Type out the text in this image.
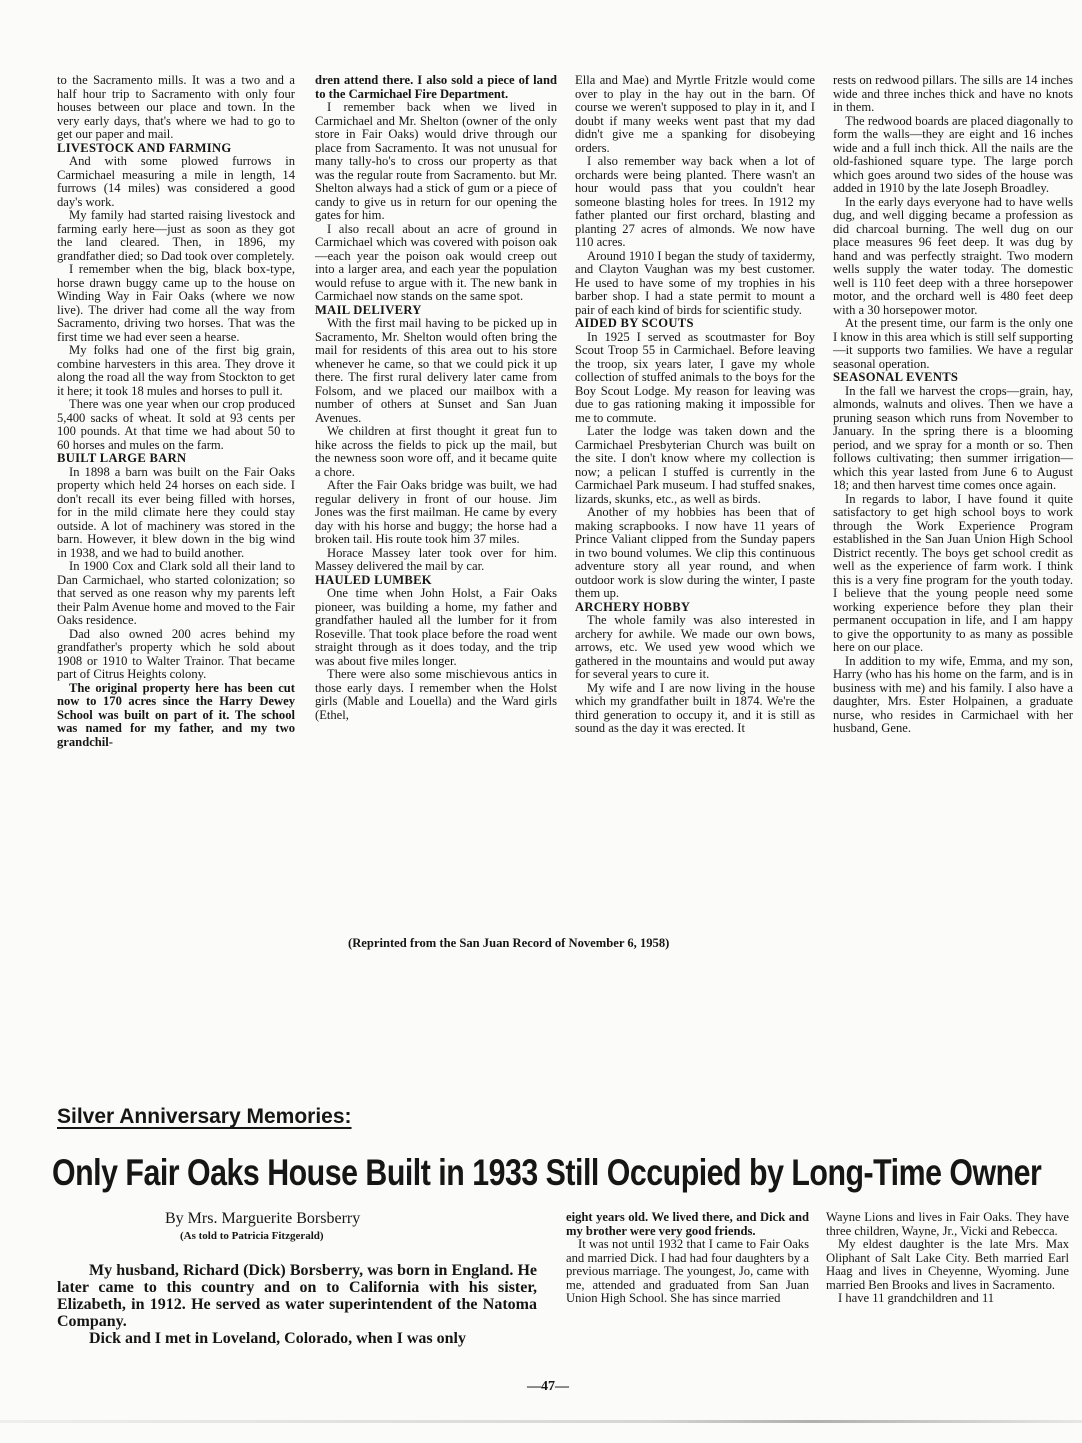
to the Sacramento mills. It was a two and a half hour trip to Sacramento with only four houses between our place and town. In the very early days, that's where we had to go to get our paper and mail.

LIVESTOCK AND FARMING

And with some plowed furrows in Carmichael measuring a mile in length, 14 furrows (14 miles) was considered a good day's work.

My family had started raising livestock and farming early here—just as soon as they got the land cleared. Then, in 1896, my grandfather died; so Dad took over completely.

I remember when the big, black box-type, horse drawn buggy came up to the house on Winding Way in Fair Oaks (where we now live). The driver had come all the way from Sacramento, driving two horses. That was the first time we had ever seen a hearse.

My folks had one of the first big grain, combine harvesters in this area. They drove it along the road all the way from Stockton to get it here; it took 18 mules and horses to pull it.

There was one year when our crop produced 5,400 sacks of wheat. It sold at 93 cents per 100 pounds. At that time we had about 50 to 60 horses and mules on the farm.

BUILT LARGE BARN

In 1898 a barn was built on the Fair Oaks property which held 24 horses on each side. I don't recall its ever being filled with horses, for in the mild climate here they could stay outside. A lot of machinery was stored in the barn. However, it blew down in the big wind in 1938, and we had to build another.

In 1900 Cox and Clark sold all their land to Dan Carmichael, who started colonization; so that served as one reason why my parents left their Palm Avenue home and moved to the Fair Oaks residence.

Dad also owned 200 acres behind my grandfather's property which he sold about 1908 or 1910 to Walter Trainor. That became part of Citrus Heights colony.

The original property here has been cut now to 170 acres since the Harry Dewey School was built on part of it. The school was named for my father, and my two grandchil-

dren attend there. I also sold a piece of land to the Carmichael Fire Department.

I remember back when we lived in Carmichael and Mr. Shelton (owner of the only store in Fair Oaks) would drive through our place from Sacramento. It was not unusual for many tally-ho's to cross our property as that was the regular route from Sacramento. but Mr. Shelton always had a stick of gum or a piece of candy to give us in return for our opening the gates for him.

I also recall about an acre of ground in Carmichael which was covered with poison oak—each year the poison oak would creep out into a larger area, and each year the population would refuse to argue with it. The new bank in Carmichael now stands on the same spot.

MAIL DELIVERY

With the first mail having to be picked up in Sacramento, Mr. Shelton would often bring the mail for residents of this area out to his store whenever he came, so that we could pick it up there. The first rural delivery later came from Folsom, and we placed our mailbox with a number of others at Sunset and San Juan Avenues.

We children at first thought it great fun to hike across the fields to pick up the mail, but the newness soon wore off, and it became quite a chore.

After the Fair Oaks bridge was built, we had regular delivery in front of our house. Jim Jones was the first mailman. He came by every day with his horse and buggy; the horse had a broken tail. His route took him 37 miles.

Horace Massey later took over for him. Massey delivered the mail by car.

HAULED LUMBEK

One time when John Holst, a Fair Oaks pioneer, was building a home, my father and grandfather hauled all the lumber for it from Roseville. That took place before the road went straight through as it does today, and the trip was about five miles longer.

There were also some mischievous antics in those early days. I remember when the Holst girls (Mable and Louella) and the Ward girls (Ethel,

Ella and Mae) and Myrtle Fritzle would come over to play in the hay out in the barn. Of course we weren't supposed to play in it, and I doubt if many weeks went past that my dad didn't give me a spanking for disobeying orders.

I also remember way back when a lot of orchards were being planted. There wasn't an hour would pass that you couldn't hear someone blasting holes for trees. In 1912 my father planted our first orchard, blasting and planting 27 acres of almonds. We now have 110 acres.

Around 1910 I began the study of taxidermy, and Clayton Vaughan was my best customer. He used to have some of my trophies in his barber shop. I had a state permit to mount a pair of each kind of birds for scientific study.

AIDED BY SCOUTS

In 1925 I served as scoutmaster for Boy Scout Troop 55 in Carmichael. Before leaving the troop, six years later, I gave my whole collection of stuffed animals to the boys for the Boy Scout Lodge. My reason for leaving was due to gas rationing making it impossible for me to commute.

Later the lodge was taken down and the Carmichael Presbyterian Church was built on the site. I don't know where my collection is now; a pelican I stuffed is currently in the Carmichael Park museum. I had stuffed snakes, lizards, skunks, etc., as well as birds.

Another of my hobbies has been that of making scrapbooks. I now have 11 years of Prince Valiant clipped from the Sunday papers in two bound volumes. We clip this continuous adventure story all year round, and when outdoor work is slow during the winter, I paste them up.

ARCHERY HOBBY

The whole family was also interested in archery for awhile. We made our own bows, arrows, etc. We used yew wood which we gathered in the mountains and would put away for several years to cure it.

My wife and I are now living in the house which my grandfather built in 1874. We're the third generation to occupy it, and it is still as sound as the day it was erected. It

rests on redwood pillars. The sills are 14 inches wide and three inches thick and have no knots in them.

The redwood boards are placed diagonally to form the walls—they are eight and 16 inches wide and a full inch thick. All the nails are the old-fashioned square type. The large porch which goes around two sides of the house was added in 1910 by the late Joseph Broadley.

In the early days everyone had to have wells dug, and well digging became a profession as did charcoal burning. The well dug on our place measures 96 feet deep. It was dug by hand and was perfectly straight. Two modern wells supply the water today. The domestic well is 110 feet deep with a three horsepower motor, and the orchard well is 480 feet deep with a 30 horsepower motor.

At the present time, our farm is the only one I know in this area which is still self supporting—it supports two families. We have a regular seasonal operation.

SEASONAL EVENTS

In the fall we harvest the crops—grain, hay, almonds, walnuts and olives. Then we have a pruning season which runs from November to January. In the spring there is a blooming period, and we spray for a month or so. Then follows cultivating; then summer irrigation—which this year lasted from June 6 to August 18; and then harvest time comes once again.

In regards to labor, I have found it quite satisfactory to get high school boys to work through the Work Experience Program established in the San Juan Union High School District recently. The boys get school credit as well as the experience of farm work. I think this is a very fine program for the youth today. I believe that the young people need some working experience before they plan their permanent occupation in life, and I am happy to give the opportunity to as many as possible here on our place.

In addition to my wife, Emma, and my son, Harry (who has his home on the farm, and is in business with me) and his family. I also have a daughter, Mrs. Ester Holpainen, a graduate nurse, who resides in Carmichael with her husband, Gene.

(Reprinted from the San Juan Record of November 6, 1958)
Silver Anniversary Memories:
Only Fair Oaks House Built in 1933 Still Occupied by Long-Time Owner
By Mrs. Marguerite Borsberry
(As told to Patricia Fitzgerald)

My husband, Richard (Dick) Borsberry, was born in England. He later came to this country and on to California with his sister, Elizabeth, in 1912. He served as water superintendent of the Natoma Company.

Dick and I met in Loveland, Colorado, when I was only

eight years old. We lived there, and Dick and my brother were very good friends.

It was not until 1932 that I came to Fair Oaks and married Dick. I had had four daughters by a previous marriage. The youngest, Jo, came with me, attended and graduated from San Juan Union High School. She has since married

Wayne Lions and lives in Fair Oaks. They have three children, Wayne, Jr., Vicki and Rebecca.

My eldest daughter is the late Mrs. Max Oliphant of Salt Lake City. Beth married Earl Haag and lives in Cheyenne, Wyoming. June married Ben Brooks and lives in Sacramento.

I have 11 grandchildren and 11

—47—
